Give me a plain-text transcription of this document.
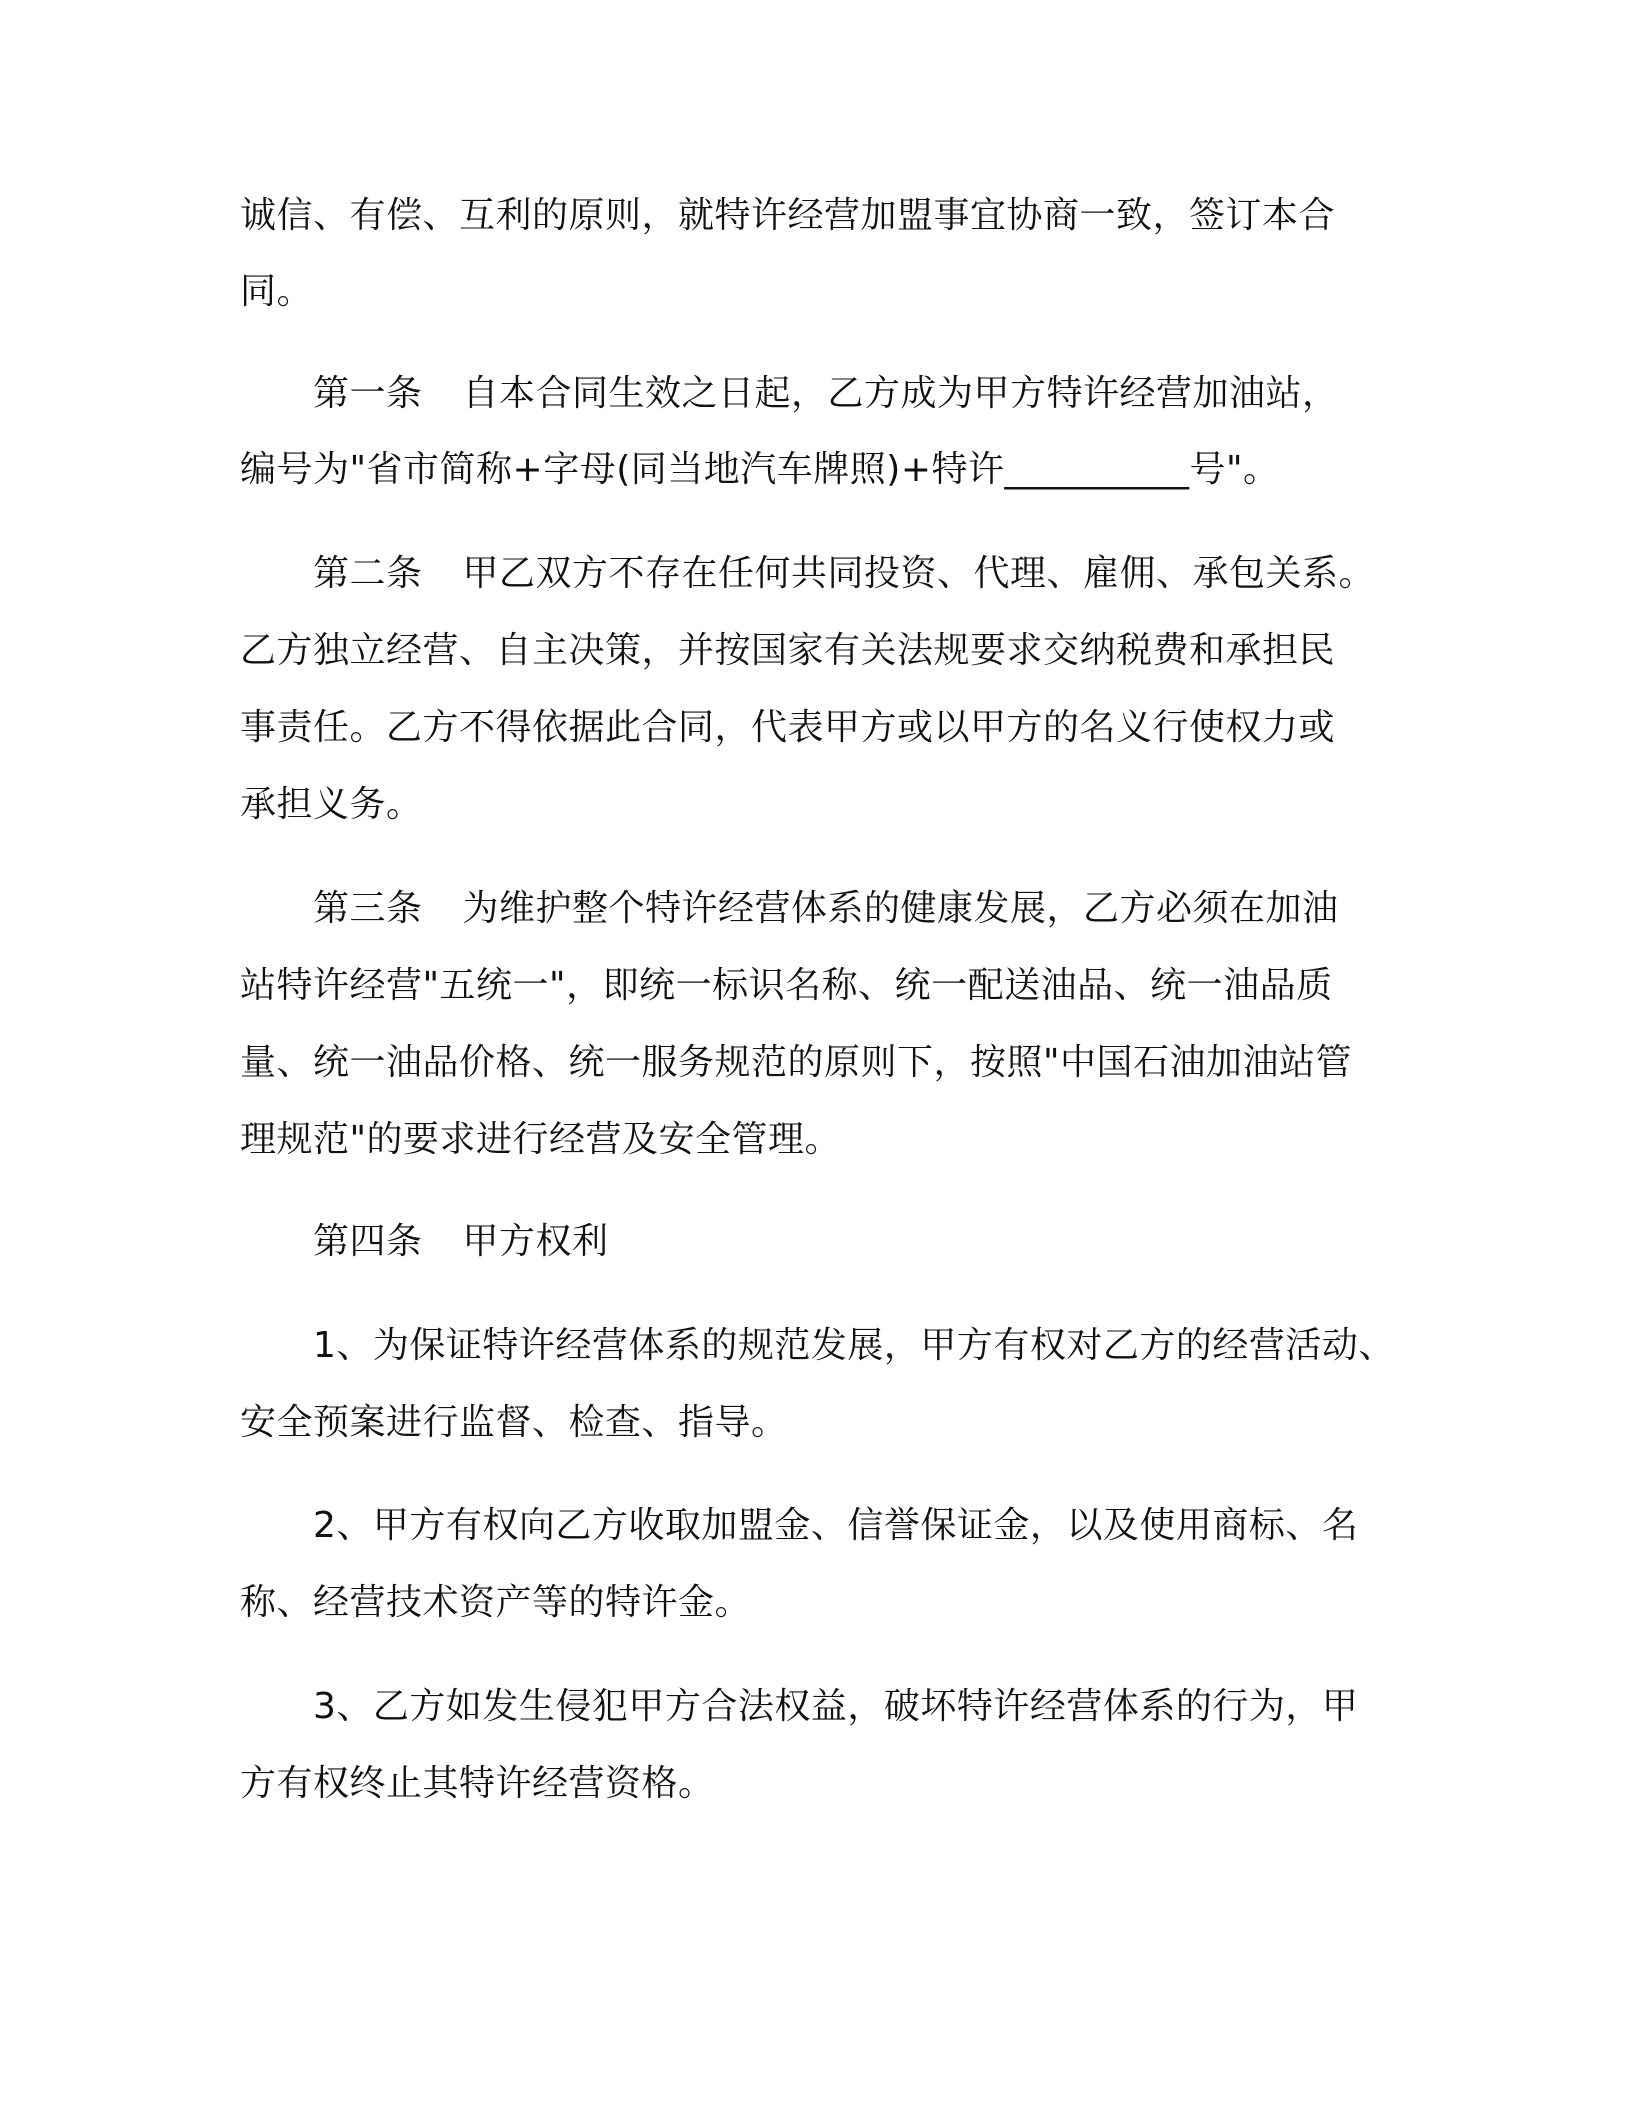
诚信、有偿、互利的原则，就特许经营加盟事宜协商一致，签订本合
同。
第一条 自本合同生效之日起，乙方成为甲方特许经营加油站，
编号为"省市简称+字母(同当地汽车牌照)+特许__________号"。
第二条 甲乙双方不存在任何共同投资、代理、雇佣、承包关系。
乙方独立经营、自主决策，并按国家有关法规要求交纳税费和承担民
事责任。乙方不得依据此合同，代表甲方或以甲方的名义行使权力或
承担义务。
第三条 为维护整个特许经营体系的健康发展，乙方必须在加油
站特许经营"五统一"，即统一标识名称、统一配送油品、统一油品质
量、统一油品价格、统一服务规范的原则下，按照"中国石油加油站管
理规范"的要求进行经营及安全管理。
第四条 甲方权利
1、为保证特许经营体系的规范发展，甲方有权对乙方的经营活动、
安全预案进行监督、检查、指导。
2、甲方有权向乙方收取加盟金、信誉保证金，以及使用商标、名
称、经营技术资产等的特许金。
3、乙方如发生侵犯甲方合法权益，破坏特许经营体系的行为，甲
方有权终止其特许经营资格。
